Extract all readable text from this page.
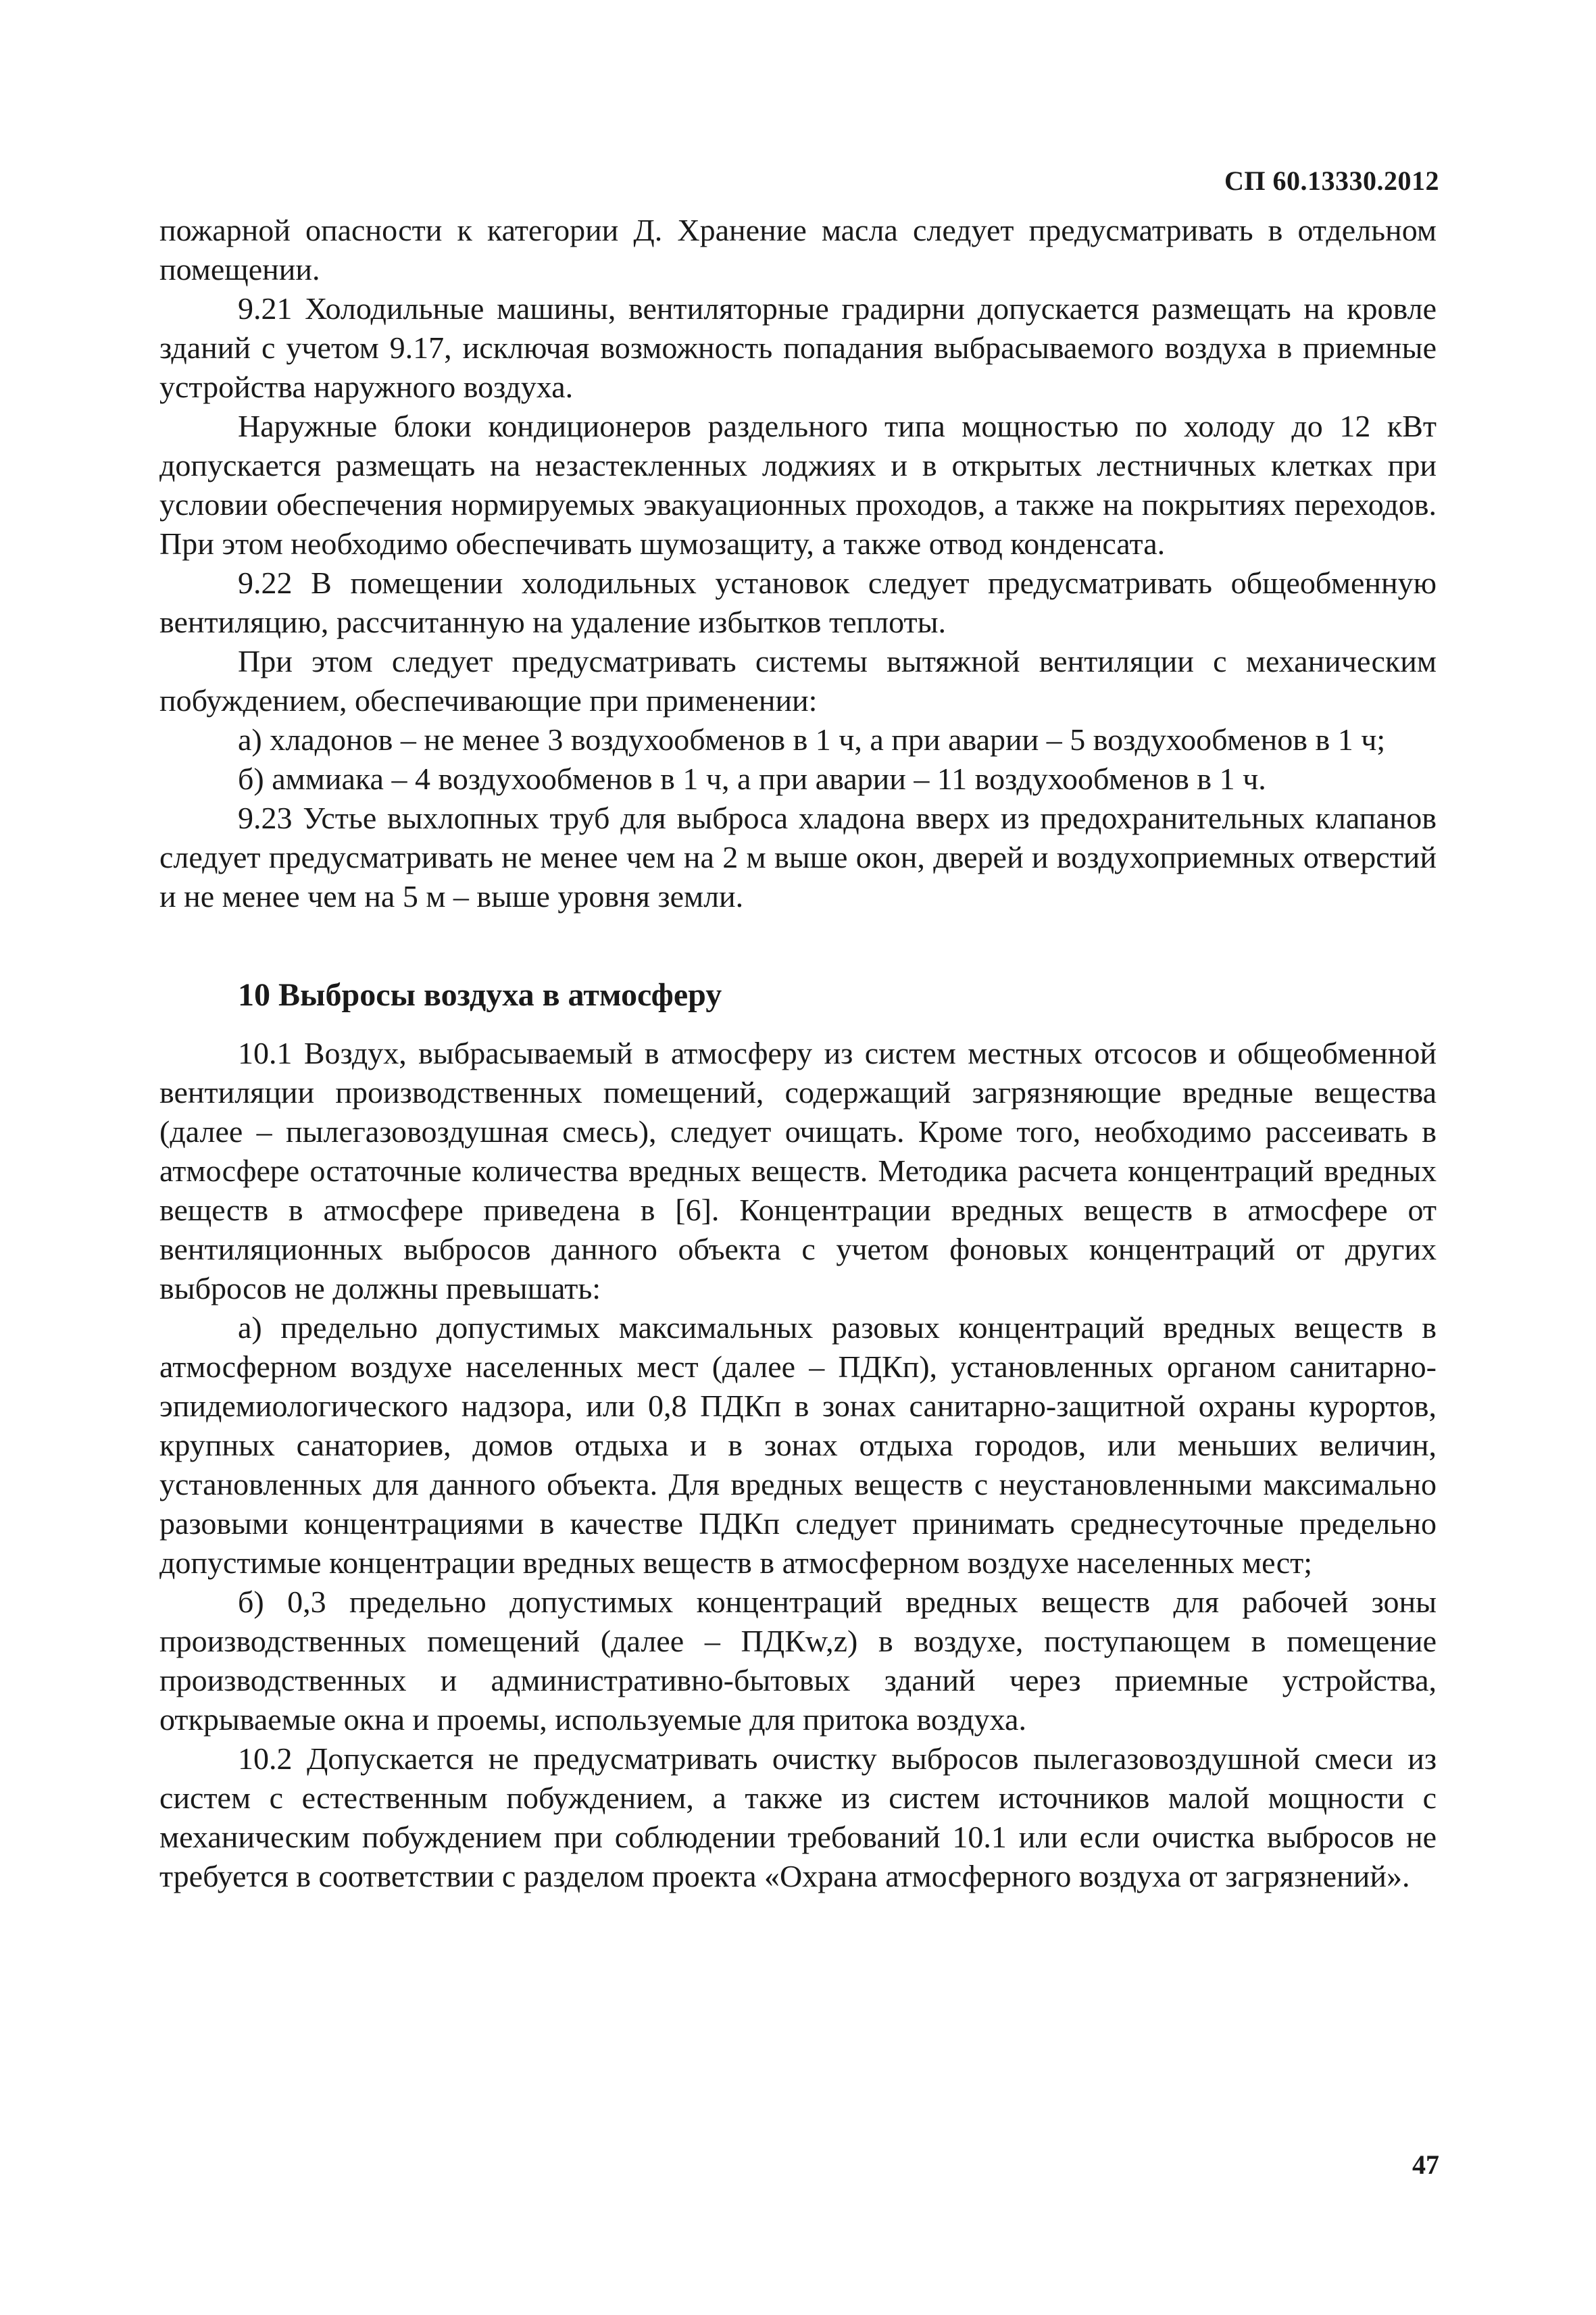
СП 60.13330.2012

пожарной опасности к категории Д. Хранение масла следует предусматривать в отдельном помещении.

9.21 Холодильные машины, вентиляторные градирни допускается размещать на кровле зданий с учетом 9.17, исключая возможность попадания выбрасываемого воздуха в приемные устройства наружного воздуха.

Наружные блоки кондиционеров раздельного типа мощностью по холоду до 12 кВт допускается размещать на незастекленных лоджиях и в открытых лестничных клетках при условии обеспечения нормируемых эвакуационных проходов, а также на покрытиях переходов. При этом необходимо обеспечивать шумозащиту, а также отвод конденсата.

9.22 В помещении холодильных установок следует предусматривать общеобменную вентиляцию, рассчитанную на удаление избытков теплоты.

При этом следует предусматривать системы вытяжной вентиляции с механическим побуждением, обеспечивающие при применении:

а) хладонов – не менее 3 воздухообменов в 1 ч, а при аварии – 5 воздухообменов в 1 ч;

б) аммиака – 4 воздухообменов в 1 ч, а при аварии – 11 воздухообменов в 1 ч.

9.23 Устье выхлопных труб для выброса хладона вверх из предохранительных клапанов следует предусматривать не менее чем на 2 м выше окон, дверей и воздухоприемных отверстий и не менее чем на 5 м – выше уровня земли.

10 Выбросы воздуха в атмосферу

10.1 Воздух, выбрасываемый в атмосферу из систем местных отсосов и общеобменной вентиляции производственных помещений, содержащий загрязняющие вредные вещества (далее – пылегазовоздушная смесь), следует очищать. Кроме того, необходимо рассеивать в атмосфере остаточные количества вредных веществ. Методика расчета концентраций вредных веществ в атмосфере приведена в [6]. Концентрации вредных веществ в атмосфере от вентиляционных выбросов данного объекта с учетом фоновых концентраций от других выбросов не должны превышать:

а) предельно допустимых максимальных разовых концентраций вредных веществ в атмосферном воздухе населенных мест (далее – ПДКп), установленных органом санитарно-эпидемиологического надзора, или 0,8 ПДКп в зонах санитарно-защитной охраны курортов, крупных санаториев, домов отдыха и в зонах отдыха городов, или меньших величин, установленных для данного объекта. Для вредных веществ с неустановленными максимально разовыми концентрациями в качестве ПДКп следует принимать среднесуточные предельно допустимые концентрации вредных веществ в атмосферном воздухе населенных мест;

б) 0,3 предельно допустимых концентраций вредных веществ для рабочей зоны производственных помещений (далее – ПДКw,z) в воздухе, поступающем в помещение производственных и административно-бытовых зданий через приемные устройства, открываемые окна и проемы, используемые для притока воздуха.

10.2 Допускается не предусматривать очистку выбросов пылегазовоздушной смеси из систем с естественным побуждением, а также из систем источников малой мощности с механическим побуждением при соблюдении требований 10.1 или если очистка выбросов не требуется в соответствии с разделом проекта «Охрана атмосферного воздуха от загрязнений».

47
